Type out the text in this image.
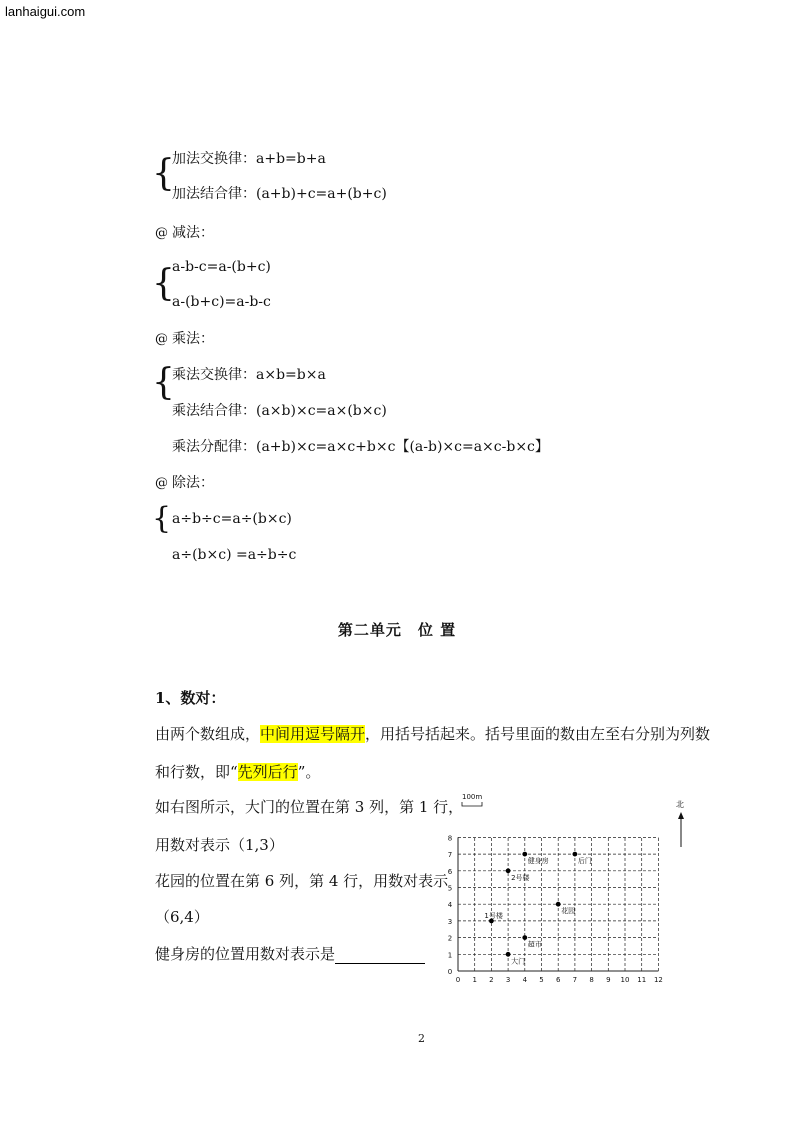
lanhaigui.com
{
加法交换律：a+b=b+a
加法结合律：(a+b)+c=a+(b+c)
@ 减法：
{
a-b-c=a-(b+c)
a-(b+c)=a-b-c
@ 乘法：
{
乘法交换律：a×b=b×a
乘法结合律：(a×b)×c=a×(b×c)
乘法分配律：(a+b)×c=a×c+b×c【(a-b)×c=a×c-b×c】
@ 除法：
{ a÷b÷c=a÷(b×c)
a÷(b×c) =a÷b÷c
第二单元　位 置
1、数对：
由两个数组成，中间用逗号隔开，用括号括起来。括号里面的数由左至右分别为列数
和行数，即“先列后行”。
如右图所示，大门的位置在第 3 列，第 1 行，
用数对表示（1,3）
花园的位置在第 6 列，第 4 行，用数对表示
（6,4）
健身房的位置用数对表示是
100m
北
0 1 2 3 4 5 6 7 8 9 10 11 12
0
1
2
3
4
5
6
7
8
健身房	后门
2号楼
花园
1号楼
超市
大门
2
